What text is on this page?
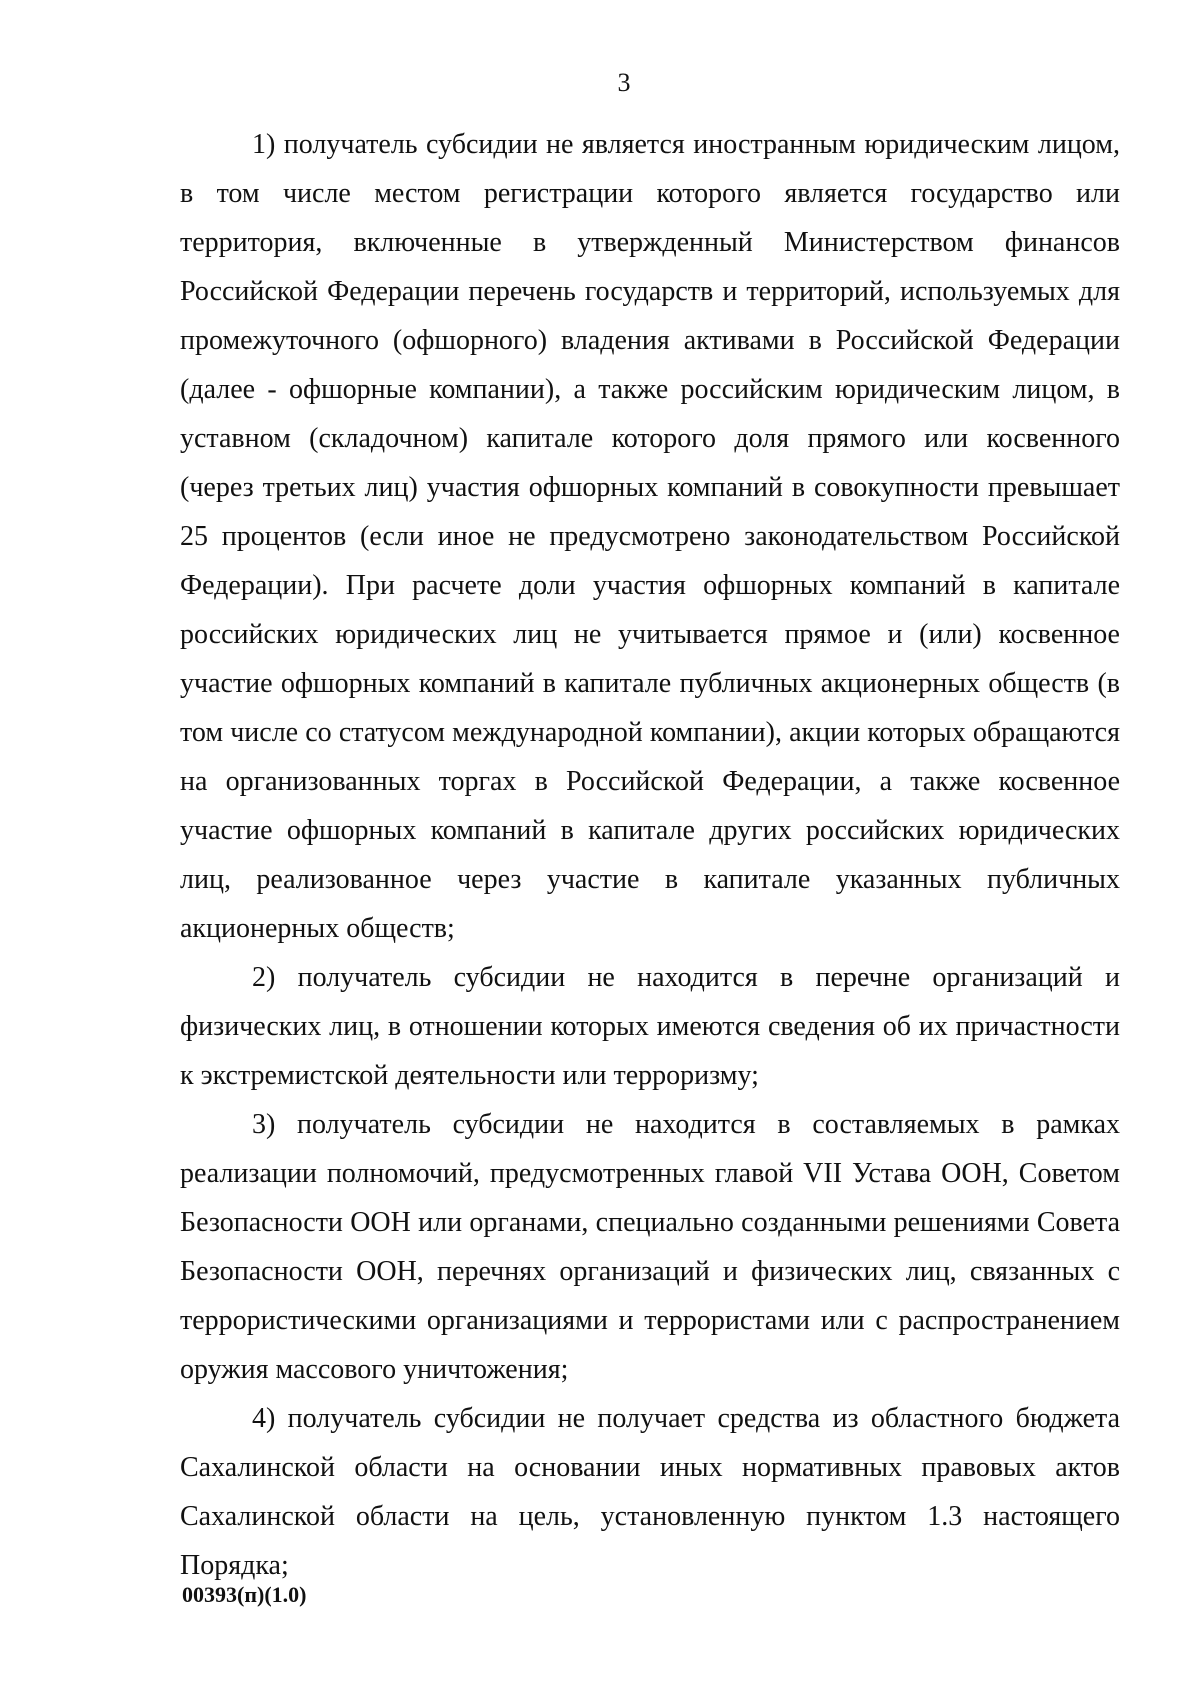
3

1) получатель субсидии не является иностранным юридическим лицом, в том числе местом регистрации которого является государство или территория, включенные в утвержденный Министерством финансов Российской Федерации перечень государств и территорий, используемых для промежуточного (офшорного) владения активами в Российской Федерации (далее - офшорные компании), а также российским юридическим лицом, в уставном (складочном) капитале которого доля прямого или косвенного (через третьих лиц) участия офшорных компаний в совокупности превышает 25 процентов (если иное не предусмотрено законодательством Российской Федерации). При расчете доли участия офшорных компаний в капитале российских юридических лиц не учитывается прямое и (или) косвенное участие офшорных компаний в капитале публичных акционерных обществ (в том числе со статусом международной компании), акции которых обращаются на организованных торгах в Российской Федерации, а также косвенное участие офшорных компаний в капитале других российских юридических лиц, реализованное через участие в капитале указанных публичных акционерных обществ;

2) получатель субсидии не находится в перечне организаций и физических лиц, в отношении которых имеются сведения об их причастности к экстремистской деятельности или терроризму;

3) получатель субсидии не находится в составляемых в рамках реализации полномочий, предусмотренных главой VII Устава ООН, Советом Безопасности ООН или органами, специально созданными решениями Совета Безопасности ООН, перечнях организаций и физических лиц, связанных с террористическими организациями и террористами или с распространением оружия массового уничтожения;

4) получатель субсидии не получает средства из областного бюджета Сахалинской области на основании иных нормативных правовых актов Сахалинской области на цель, установленную пунктом 1.3 настоящего Порядка;

00393(п)(1.0)
